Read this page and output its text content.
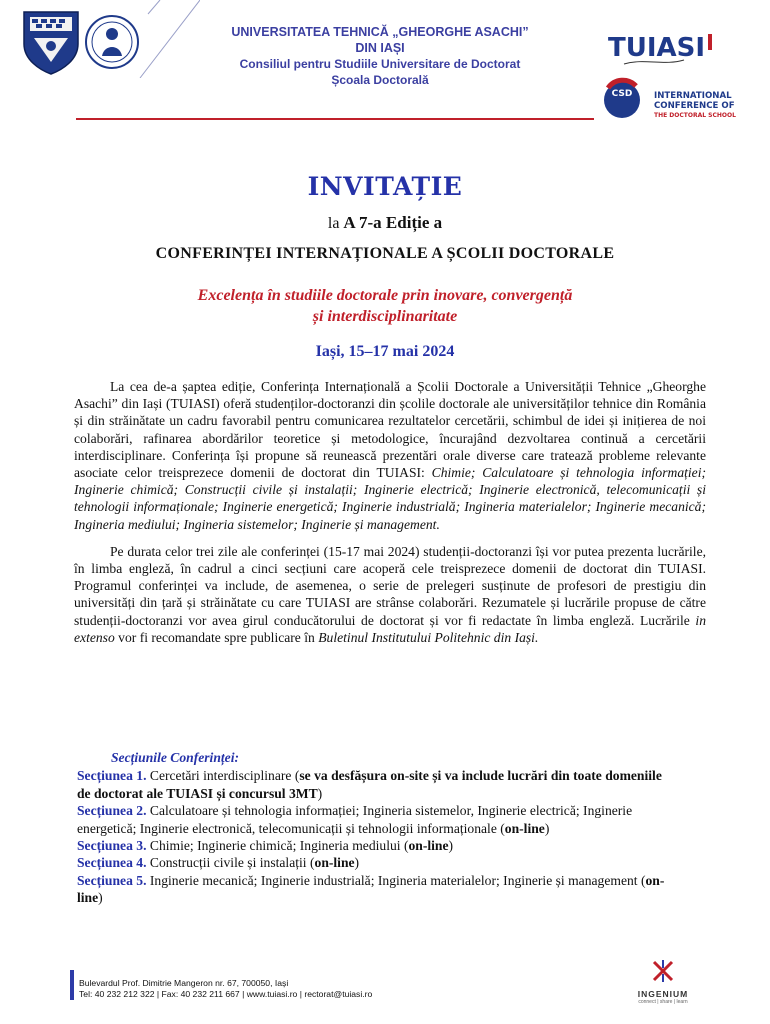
UNIVERSITATEA TEHNICĂ „GHEORGHE ASACHI”
DIN IAȘI
Consiliul pentru Studiile Universitare de Doctorat
Școala Doctorală
TUIASI
CSD	INTERNATIONAL
CONFERENCE OF
THE DOCTORAL SCHOOL
INVITAȚIE
la A 7-a Ediție a
CONFERINȚEI INTERNAȚIONALE A ȘCOLII DOCTORALE
Excelența în studiile doctorale prin inovare, convergență
și interdisciplinaritate
Iași, 15–17 mai 2024

La cea de-a șaptea ediție, Conferința Internațională a Școlii Doctorale a Universității Tehnice „Gheorghe Asachi” din Iași (TUIASI) oferă studenților-doctoranzi din școlile doctorale ale universităților tehnice din România și din străinătate un cadru favorabil pentru comunicarea rezultatelor cercetării, schimbul de idei și inițierea de noi colaborări, rafinarea abordărilor teoretice și metodologice, încurajând dezvoltarea continuă a cercetării interdisciplinare. Conferința își propune să reunească prezentări orale diverse care tratează probleme relevante asociate celor treisprezece domenii de doctorat din TUIASI: Chimie; Calculatoare și tehnologia informației; Inginerie chimică; Construcții civile și instalații; Inginerie electrică; Inginerie electronică, telecomunicații și tehnologii informaționale; Inginerie energetică; Inginerie industrială; Ingineria materialelor; Inginerie mecanică; Ingineria mediului; Ingineria sistemelor; Inginerie și management.

Pe durata celor trei zile ale conferinței (15-17 mai 2024) studenții-doctoranzi își vor putea prezenta lucrările, în limba engleză, în cadrul a cinci secțiuni care acoperă cele treisprezece domenii de doctorat din TUIASI. Programul conferinței va include, de asemenea, o serie de prelegeri susținute de profesori de prestigiu din universități din țară și străinătate cu care TUIASI are strânse colaborări. Rezumatele și lucrările propuse de către studenții-doctoranzi vor avea girul conducătorului de doctorat și vor fi redactate în limba engleză. Lucrările in extenso vor fi recomandate spre publicare în Buletinul Institutului Politehnic din Iași.

Secțiunile Conferinței:
Secțiunea 1. Cercetări interdisciplinare (se va desfășura on-site și va include lucrări din toate domeniile de doctorat ale TUIASI și concursul 3MT)
Secțiunea 2. Calculatoare și tehnologia informației; Ingineria sistemelor, Inginerie electrică; Inginerie energetică; Inginerie electronică, telecomunicații și tehnologii informaționale (on-line)
Secțiunea 3. Chimie; Inginerie chimică; Ingineria mediului (on-line)
Secțiunea 4. Construcții civile și instalații (on-line)
Secțiunea 5. Inginerie mecanică; Inginerie industrială; Ingineria materialelor; Inginerie și management (on- line)
Bulevardul Prof. Dimitrie Mangeron nr. 67, 700050, Iași
Tel: 40 232 212 322 | Fax: 40 232 211 667 | www.tuiasi.ro | rectorat@tuiasi.ro	INGENIUM
connect | share | learn
